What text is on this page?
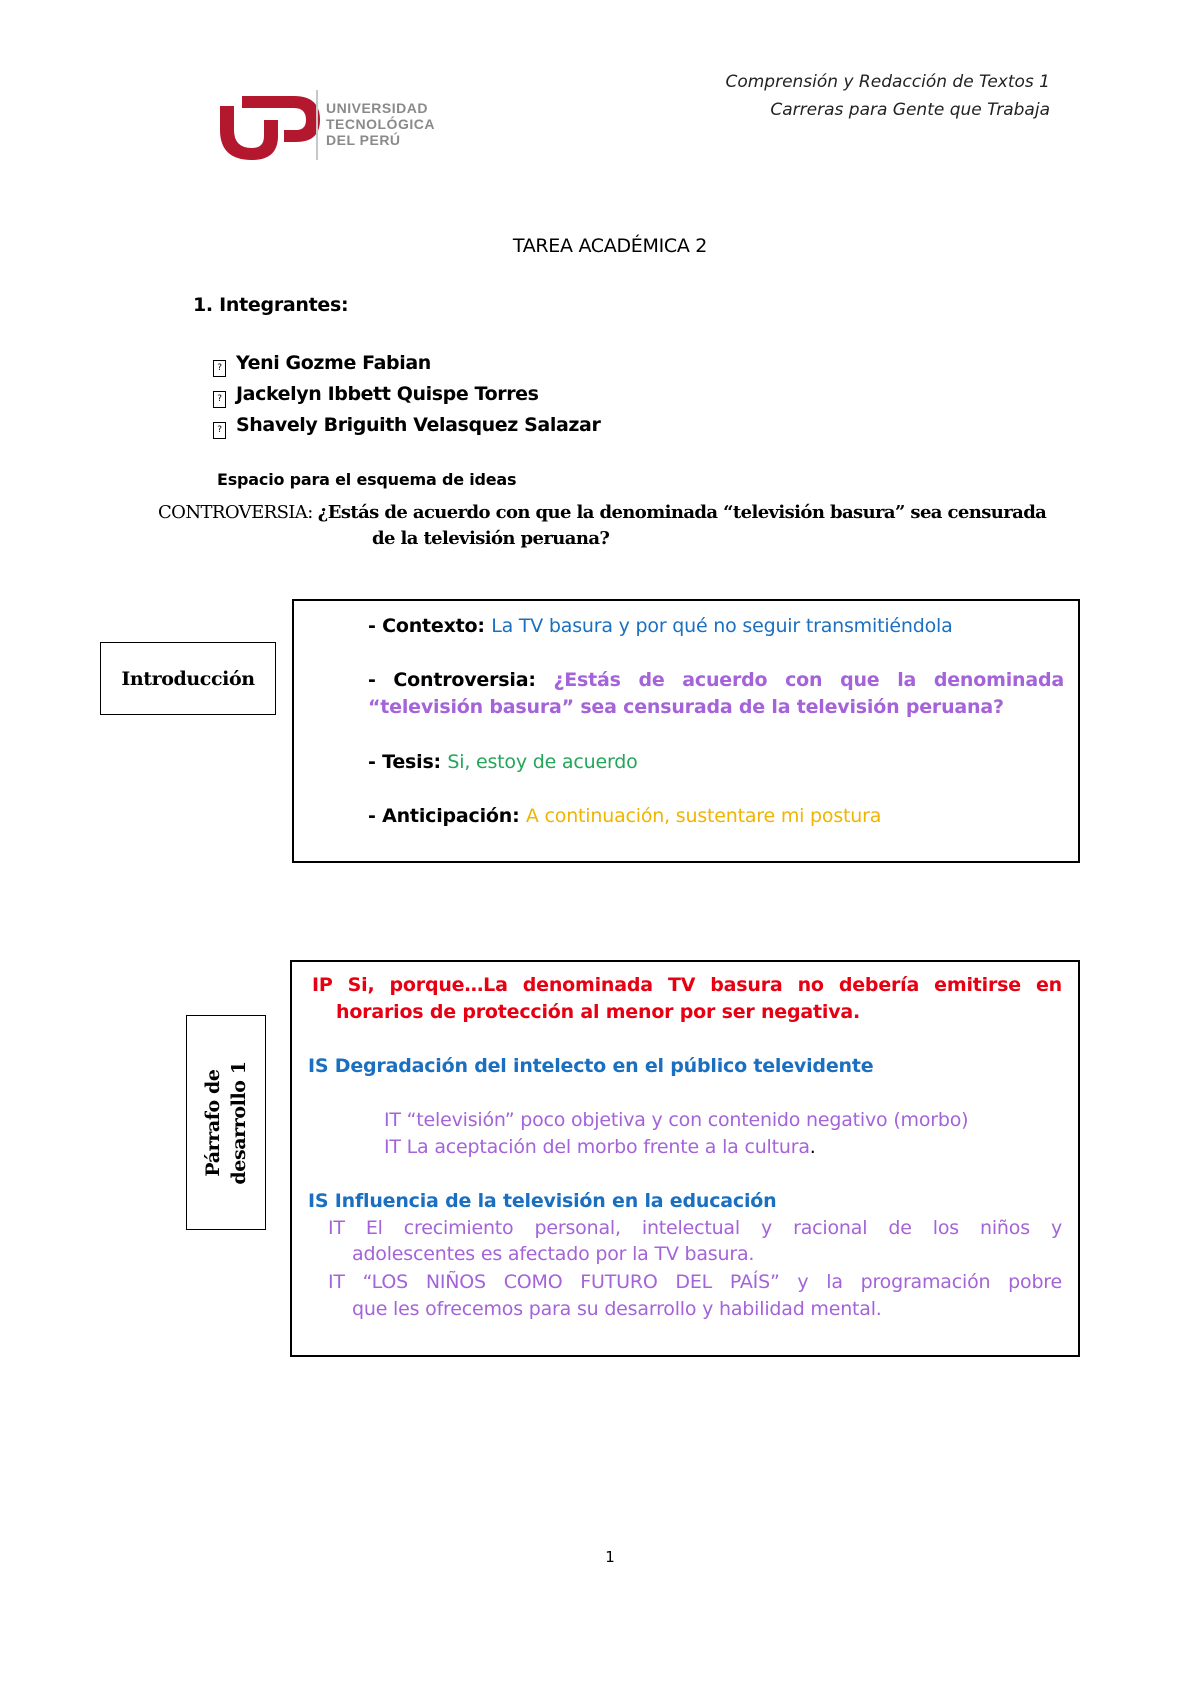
UNIVERSIDAD
TECNOLÓGICA
DEL PERÚ
Comprensión y Redacción de Textos 1
Carreras para Gente que Trabaja
TAREA ACADÉMICA 2
1. Integrantes:
? Yeni Gozme Fabian
? Jackelyn Ibbett Quispe Torres
? Shavely Briguith Velasquez Salazar
Espacio para el esquema de ideas
CONTROVERSIA: ¿Estás de acuerdo con que la denominada “televisión basura” sea censurada
de la televisión peruana?
Introducción
- Contexto: La TV basura y por qué no seguir transmitiéndola
- Controversia: ¿Estás de acuerdo con que la denominada
“televisión basura” sea censurada de la televisión peruana?
- Tesis: Si, estoy de acuerdo
- Anticipación: A continuación, sustentare mi postura
Párrafo de desarrollo 1
IP Si, porque…La denominada TV basura no debería emitirse en
horarios de protección al menor por ser negativa.
IS Degradación del intelecto en el público televidente
IT “televisión” poco objetiva y con contenido negativo (morbo)
IT La aceptación del morbo frente a la cultura.
IS Influencia de la televisión en la educación
IT El crecimiento personal, intelectual y racional de los niños y
adolescentes es afectado por la TV basura.
IT “LOS NIÑOS COMO FUTURO DEL PAÍS” y la programación pobre
que les ofrecemos para su desarrollo y habilidad mental.
1
